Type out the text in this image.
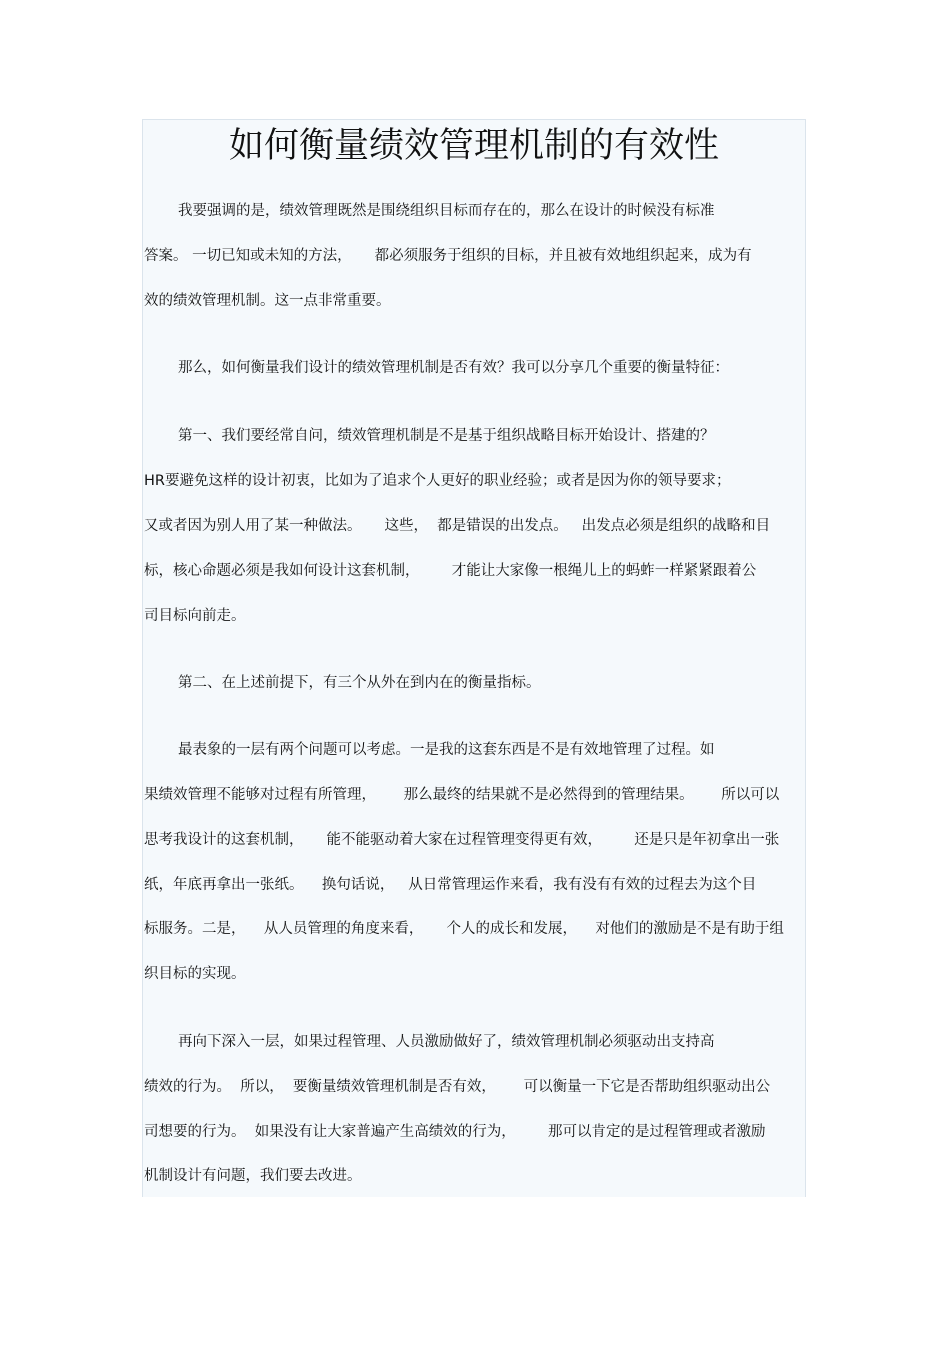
如何衡量绩效管理机制的有效性

我要强调的是，绩效管理既然是围绕组织目标而存在的，那么在设计的时候没有标准

答案。 一切已知或未知的方法，     都必须服务于组织的目标，并且被有效地组织起来，成为有

效的绩效管理机制。这一点非常重要。

那么，如何衡量我们设计的绩效管理机制是否有效？我可以分享几个重要的衡量特征：

第一、我们要经常自问，绩效管理机制是不是基于组织战略目标开始设计、搭建的？

HR要避免这样的设计初衷，比如为了追求个人更好的职业经验；或者是因为你的领导要求；

又或者因为别人用了某一种做法。     这些，  都是错误的出发点。   出发点必须是组织的战略和目

标，核心命题必须是我如何设计这套机制，       才能让大家像一根绳儿上的蚂蚱一样紧紧跟着公

司目标向前走。

第二、在上述前提下，有三个从外在到内在的衡量指标。

最表象的一层有两个问题可以考虑。一是我的这套东西是不是有效地管理了过程。如

果绩效管理不能够对过程有所管理，      那么最终的结果就不是必然得到的管理结果。      所以可以

思考我设计的这套机制，     能不能驱动着大家在过程管理变得更有效，       还是只是年初拿出一张

纸，年底再拿出一张纸。    换句话说，   从日常管理运作来看，我有没有有效的过程去为这个目

标服务。二是，    从人员管理的角度来看，     个人的成长和发展，    对他们的激励是不是有助于组

织目标的实现。

再向下深入一层，如果过程管理、人员激励做好了，绩效管理机制必须驱动出支持高

绩效的行为。  所以，  要衡量绩效管理机制是否有效，      可以衡量一下它是否帮助组织驱动出公

司想要的行为。  如果没有让大家普遍产生高绩效的行为，       那可以肯定的是过程管理或者激励

机制设计有问题，我们要去改进。
